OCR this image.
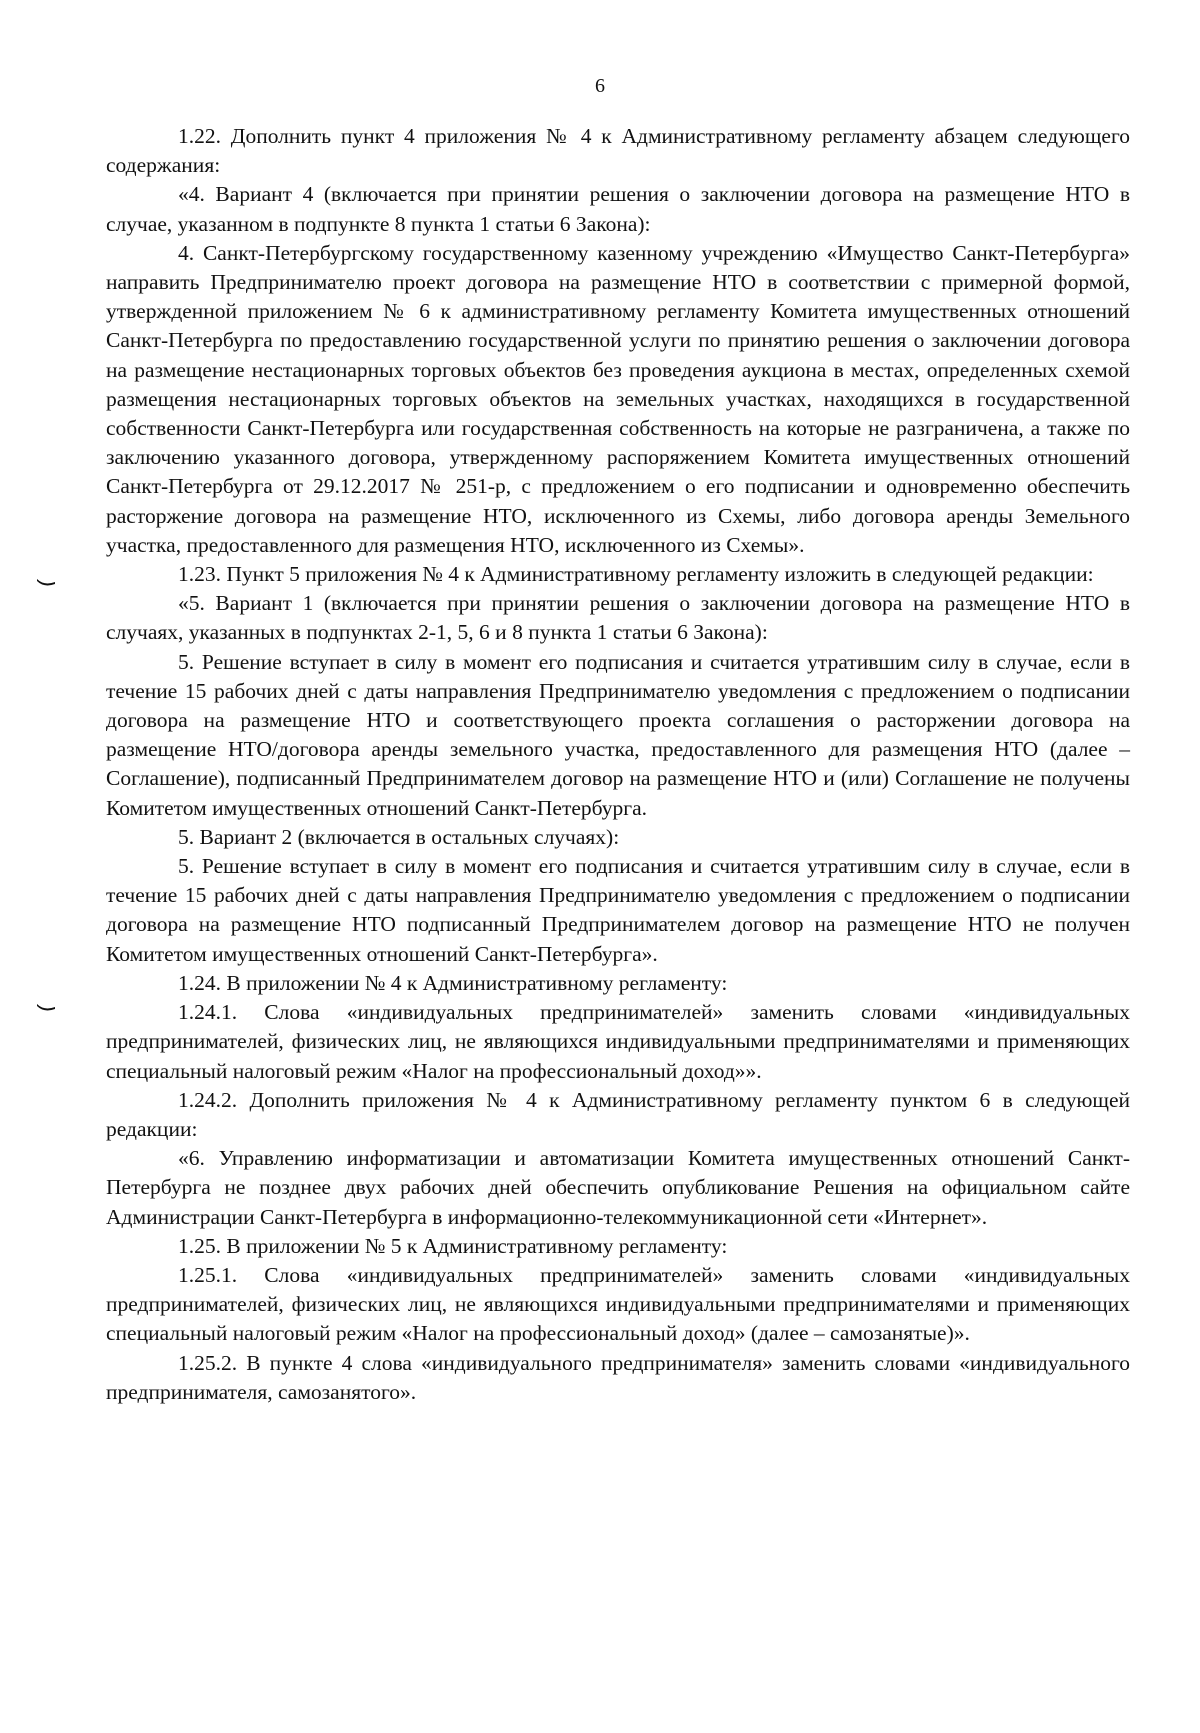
6

1.22. Дополнить пункт 4 приложения № 4 к Административному регламенту абзацем следующего содержания:

«4. Вариант 4 (включается при принятии решения о заключении договора на размещение НТО в случае, указанном в подпункте 8 пункта 1 статьи 6 Закона):

4. Санкт-Петербургскому государственному казенному учреждению «Имущество Санкт-Петербурга» направить Предпринимателю проект договора на размещение НТО в соответствии с примерной формой, утвержденной приложением № 6 к административному регламенту Комитета имущественных отношений Санкт-Петербурга по предоставлению государственной услуги по принятию решения о заключении договора на размещение нестационарных торговых объектов без проведения аукциона в местах, определенных схемой размещения нестационарных торговых объектов на земельных участках, находящихся в государственной собственности Санкт-Петербурга или государственная собственность на которые не разграничена, а также по заключению указанного договора, утвержденному распоряжением Комитета имущественных отношений Санкт-Петербурга от 29.12.2017 № 251-р, с предложением о его подписании и одновременно обеспечить расторжение договора на размещение НТО, исключенного из Схемы, либо договора аренды Земельного участка, предоставленного для размещения НТО, исключенного из Схемы».

1.23. Пункт 5 приложения № 4 к Административному регламенту изложить в следующей редакции:

«5. Вариант 1 (включается при принятии решения о заключении договора на размещение НТО в случаях, указанных в подпунктах 2-1, 5, 6 и 8 пункта 1 статьи 6 Закона):

5. Решение вступает в силу в момент его подписания и считается утратившим силу в случае, если в течение 15 рабочих дней с даты направления Предпринимателю уведомления с предложением о подписании договора на размещение НТО и соответствующего проекта соглашения о расторжении договора на размещение НТО/договора аренды земельного участка, предоставленного для размещения НТО (далее – Соглашение), подписанный Предпринимателем договор на размещение НТО и (или) Соглашение не получены Комитетом имущественных отношений Санкт-Петербурга.

5. Вариант 2 (включается в остальных случаях):

5. Решение вступает в силу в момент его подписания и считается утратившим силу в случае, если в течение 15 рабочих дней с даты направления Предпринимателю уведомления с предложением о подписании договора на размещение НТО подписанный Предпринимателем договор на размещение НТО не получен Комитетом имущественных отношений Санкт-Петербурга».

1.24. В приложении № 4 к Административному регламенту:

1.24.1. Слова «индивидуальных предпринимателей» заменить словами «индивидуальных предпринимателей, физических лиц, не являющихся индивидуальными предпринимателями и применяющих специальный налоговый режим «Налог на профессиональный доход»».

1.24.2. Дополнить приложения № 4 к Административному регламенту пунктом 6 в следующей редакции:

«6. Управлению информатизации и автоматизации Комитета имущественных отношений Санкт-Петербурга не позднее двух рабочих дней обеспечить опубликование Решения на официальном сайте Администрации Санкт-Петербурга в информационно-телекоммуникационной сети «Интернет».

1.25. В приложении № 5 к Административному регламенту:

1.25.1. Слова «индивидуальных предпринимателей» заменить словами «индивидуальных предпринимателей, физических лиц, не являющихся индивидуальными предпринимателями и применяющих специальный налоговый режим «Налог на профессиональный доход» (далее – самозанятые)».

1.25.2. В пункте 4 слова «индивидуального предпринимателя» заменить словами «индивидуального предпринимателя, самозанятого».
